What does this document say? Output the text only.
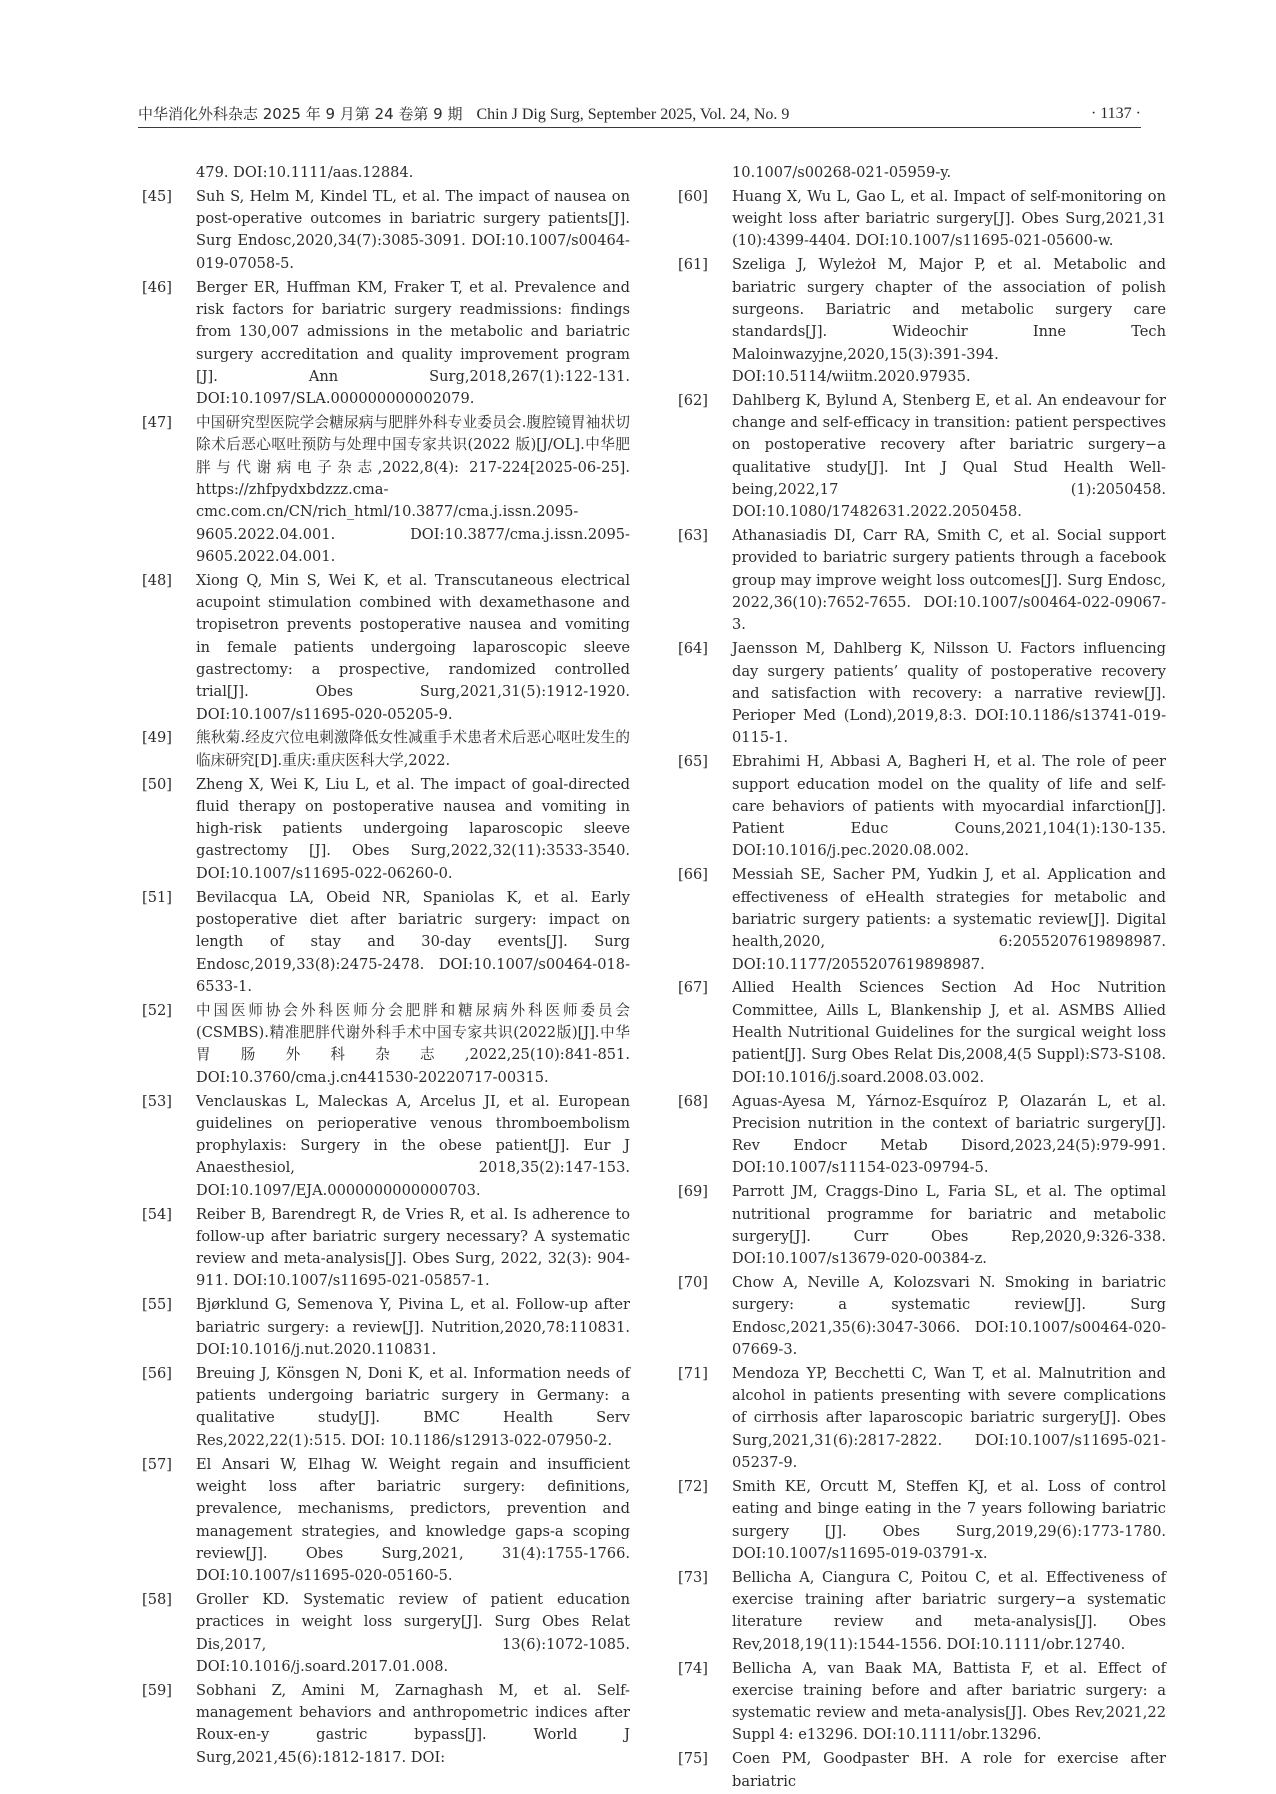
中华消化外科杂志 2025 年 9 月第 24 卷第 9 期 Chin J Dig Surg, September 2025, Vol. 24, No. 9	· 1137 ·
479. DOI:10.1111/aas.12884.
[45] Suh S, Helm M, Kindel TL, et al. The impact of nausea on post-operative outcomes in bariatric surgery patients[J]. Surg Endosc,2020,34(7):3085-3091. DOI:10.1007/s00464-019-07058-5.
[46] Berger ER, Huffman KM, Fraker T, et al. Prevalence and risk factors for bariatric surgery readmissions: findings from 130,007 admissions in the metabolic and bariatric surgery accreditation and quality improvement program [J]. Ann Surg,2018,267(1):122-131. DOI:10.1097/SLA.000000000002079.
[47] 中国研究型医院学会糖尿病与肥胖外科专业委员会.腹腔镜胃袖状切除术后恶心呕吐预防与处理中国专家共识(2022 版)[J/OL].中华肥胖与代谢病电子杂志,2022,8(4): 217-224[2025-06-25]. https://zhfpydxbdzzz.cma-cmc.com.cn/CN/rich_html/10.3877/cma.j.issn.2095-9605.2022.04.001. DOI:10.3877/cma.j.issn.2095-9605.2022.04.001.
[48] Xiong Q, Min S, Wei K, et al. Transcutaneous electrical acupoint stimulation combined with dexamethasone and tropisetron prevents postoperative nausea and vomiting in female patients undergoing laparoscopic sleeve gastrectomy: a prospective, randomized controlled trial[J]. Obes Surg,2021,31(5):1912-1920. DOI:10.1007/s11695-020-05205-9.
[49] 熊秋菊.经皮穴位电刺激降低女性减重手术患者术后恶心呕吐发生的临床研究[D].重庆:重庆医科大学,2022.
[50] Zheng X, Wei K, Liu L, et al. The impact of goal-directed fluid therapy on postoperative nausea and vomiting in high-risk patients undergoing laparoscopic sleeve gastrectomy [J]. Obes Surg,2022,32(11):3533-3540. DOI:10.1007/s11695-022-06260-0.
[51] Bevilacqua LA, Obeid NR, Spaniolas K, et al. Early postoperative diet after bariatric surgery: impact on length of stay and 30-day events[J]. Surg Endosc,2019,33(8):2475-2478. DOI:10.1007/s00464-018-6533-1.
[52] 中国医师协会外科医师分会肥胖和糖尿病外科医师委员会(CSMBS).精准肥胖代谢外科手术中国专家共识(2022版)[J].中华胃肠外科杂志,2022,25(10):841-851. DOI:10.3760/cma.j.cn441530-20220717-00315.
[53] Venclauskas L, Maleckas A, Arcelus JI, et al. European guidelines on perioperative venous thromboembolism prophylaxis: Surgery in the obese patient[J]. Eur J Anaesthesiol, 2018,35(2):147-153. DOI:10.1097/EJA.0000000000000703.
[54] Reiber B, Barendregt R, de Vries R, et al. Is adherence to follow-up after bariatric surgery necessary? A systematic review and meta-analysis[J]. Obes Surg, 2022, 32(3): 904-911. DOI:10.1007/s11695-021-05857-1.
[55] Bjørklund G, Semenova Y, Pivina L, et al. Follow-up after bariatric surgery: a review[J]. Nutrition,2020,78:110831. DOI:10.1016/j.nut.2020.110831.
[56] Breuing J, Könsgen N, Doni K, et al. Information needs of patients undergoing bariatric surgery in Germany: a qualitative study[J]. BMC Health Serv Res,2022,22(1):515. DOI: 10.1186/s12913-022-07950-2.
[57] El Ansari W, Elhag W. Weight regain and insufficient weight loss after bariatric surgery: definitions, prevalence, mechanisms, predictors, prevention and management strategies, and knowledge gaps-a scoping review[J]. Obes Surg,2021, 31(4):1755-1766. DOI:10.1007/s11695-020-05160-5.
[58] Groller KD. Systematic review of patient education practices in weight loss surgery[J]. Surg Obes Relat Dis,2017, 13(6):1072-1085. DOI:10.1016/j.soard.2017.01.008.
[59] Sobhani Z, Amini M, Zarnaghash M, et al. Self-management behaviors and anthropometric indices after Roux-en-y gastric bypass[J]. World J Surg,2021,45(6):1812-1817. DOI:
10.1007/s00268-021-05959-y.
[60] Huang X, Wu L, Gao L, et al. Impact of self-monitoring on weight loss after bariatric surgery[J]. Obes Surg,2021,31 (10):4399-4404. DOI:10.1007/s11695-021-05600-w.
[61] Szeliga J, Wyleżoł M, Major P, et al. Metabolic and bariatric surgery chapter of the association of polish surgeons. Bariatric and metabolic surgery care standards[J]. Wideochir Inne Tech Maloinwazyjne,2020,15(3):391-394. DOI:10.5114/wiitm.2020.97935.
[62] Dahlberg K, Bylund A, Stenberg E, et al. An endeavour for change and self-efficacy in transition: patient perspectives on postoperative recovery after bariatric surgery−a qualitative study[J]. Int J Qual Stud Health Well-being,2022,17 (1):2050458. DOI:10.1080/17482631.2022.2050458.
[63] Athanasiadis DI, Carr RA, Smith C, et al. Social support provided to bariatric surgery patients through a facebook group may improve weight loss outcomes[J]. Surg Endosc, 2022,36(10):7652-7655. DOI:10.1007/s00464-022-09067-3.
[64] Jaensson M, Dahlberg K, Nilsson U. Factors influencing day surgery patients’ quality of postoperative recovery and satisfaction with recovery: a narrative review[J]. Perioper Med (Lond),2019,8:3. DOI:10.1186/s13741-019-0115-1.
[65] Ebrahimi H, Abbasi A, Bagheri H, et al. The role of peer support education model on the quality of life and self-care behaviors of patients with myocardial infarction[J]. Patient Educ Couns,2021,104(1):130-135. DOI:10.1016/j.pec.2020.08.002.
[66] Messiah SE, Sacher PM, Yudkin J, et al. Application and effectiveness of eHealth strategies for metabolic and bariatric surgery patients: a systematic review[J]. Digital health,2020, 6:2055207619898987. DOI:10.1177/2055207619898987.
[67] Allied Health Sciences Section Ad Hoc Nutrition Committee, Aills L, Blankenship J, et al. ASMBS Allied Health Nutritional Guidelines for the surgical weight loss patient[J]. Surg Obes Relat Dis,2008,4(5 Suppl):S73-S108. DOI:10.1016/j.soard.2008.03.002.
[68] Aguas-Ayesa M, Yárnoz-Esquíroz P, Olazarán L, et al. Precision nutrition in the context of bariatric surgery[J]. Rev Endocr Metab Disord,2023,24(5):979-991. DOI:10.1007/s11154-023-09794-5.
[69] Parrott JM, Craggs-Dino L, Faria SL, et al. The optimal nutritional programme for bariatric and metabolic surgery[J]. Curr Obes Rep,2020,9:326-338. DOI:10.1007/s13679-020-00384-z.
[70] Chow A, Neville A, Kolozsvari N. Smoking in bariatric surgery: a systematic review[J]. Surg Endosc,2021,35(6):3047-3066. DOI:10.1007/s00464-020-07669-3.
[71] Mendoza YP, Becchetti C, Wan T, et al. Malnutrition and alcohol in patients presenting with severe complications of cirrhosis after laparoscopic bariatric surgery[J]. Obes Surg,2021,31(6):2817-2822. DOI:10.1007/s11695-021-05237-9.
[72] Smith KE, Orcutt M, Steffen KJ, et al. Loss of control eating and binge eating in the 7 years following bariatric surgery [J]. Obes Surg,2019,29(6):1773-1780. DOI:10.1007/s11695-019-03791-x.
[73] Bellicha A, Ciangura C, Poitou C, et al. Effectiveness of exercise training after bariatric surgery−a systematic literature review and meta-analysis[J]. Obes Rev,2018,19(11):1544-1556. DOI:10.1111/obr.12740.
[74] Bellicha A, van Baak MA, Battista F, et al. Effect of exercise training before and after bariatric surgery: a systematic review and meta-analysis[J]. Obes Rev,2021,22 Suppl 4: e13296. DOI:10.1111/obr.13296.
[75] Coen PM, Goodpaster BH. A role for exercise after bariatric
